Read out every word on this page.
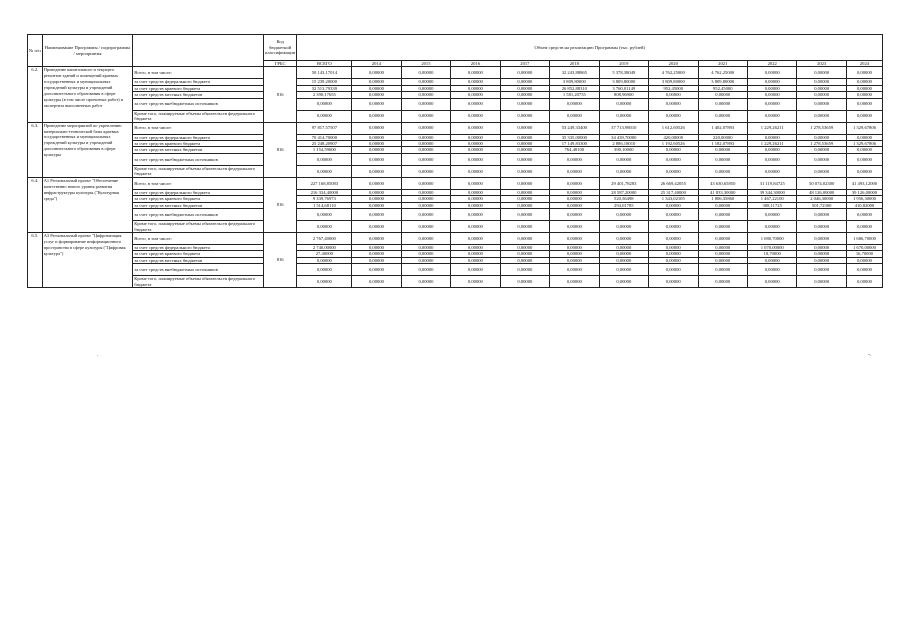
№ п/п	Наименование Программы / подпрограммы / мероприятия		Код бюджетной классификации	Объем средств на реализацию Программы (тыс. рублей)											
			ГРБС	ВСЕГО	2014	2015	2016	2017	2018	2019	2020	2021	2022	2023	2024
6.2.	Проведение капитального и текущего ремонтов зданий и помещений краевых государственных и муниципальных учреждений культуры и учреждений дополнительного образования в сфере культуры (в том числе проектных работ) и экспертиза выполненных работ	Всего, в том числе:	816	50 143,17014	0,00000	0,00000	0,00000	0,00000	32 243,88865	5 378,38049	4 762,25000	4 762,25000	0,00000	0,00000	0,00000
		за счет средств федерального бюджета		15 239,20000	0,00000	0,00000	0,00000	0,00000	3 809,80000	3 809,80000	3 809,80000	3 809,80000	0,00000	0,00000	0,00000
		за счет средств краевого бюджета		32 513,79339	0,00000	0,00000	0,00000	0,00000	26 852,88310	3 760,01149	952,45000	952,45000	0,00000	0,00000	0,00000
		за счет средств местных бюджетов		2 390,17655	0,00000	0,00000	0,00000	0,00000	1 581,20755	808,96900	0,00000	0,00000	0,00000	0,00000	0,00000
		за счет средств внебюджетных источников		0,00000	0,00000	0,00000	0,00000	0,00000	0,00000	0,00000	0,00000	0,00000	0,00000	0,00000	0,00000
		Кроме того, планируемые объемы обязательств федерального бюджета		0,00000	0,00000	0,00000	0,00000	0,00000	0,00000	0,00000	0,00000	0,00000	0,00000	0,00000	0,00000
6.3.	Проведение мероприятий по укреплению материально-технической базы краевых государственных и муниципальных учреждений культуры и учреждений дополнительного образования в сфере культуры	Всего, в том числе:	816	97 817,57507	0,00000	0,00000	0,00000	0,00000	53 249,33400	37 713,98010	1 612,60526	1 402,07893	1 229,26211	1 278,53659	1 329,67806
		за счет средств федерального бюджета		70 414,70000	0,00000	0,00000	0,00000	0,00000	35 335,00000	34 439,70000	420,00000	220,00000	0,00000	0,00000	0,00000
		за счет средств краевого бюджета		25 248,20907	0,00000	0,00000	0,00000	0,00000	17 149,83300	2 886,18010	1 192,60526	1 182,07893	1 229,26211	1 278,53659	1 329,67806
		за счет средств местных бюджетов		1 154,59600	0,00000	0,00000	0,00000	0,00000	764,48100	390,10000	0,00000	0,00000	0,00000	0,00000	0,00000
		за счет средств внебюджетных источников		0,00000	0,00000	0,00000	0,00000	0,00000	0,00000	0,00000	0,00000	0,00000	0,00000	0,00000	0,00000
		Кроме того, планируемые объемы обязательств федерального бюджета		0,00000	0,00000	0,00000	0,00000	0,00000	0,00000	0,00000	0,00000	0,00000	0,00000	0,00000	0,00000
6.4.	А1 Региональный проект "Обеспечение качественно нового уровня развития инфраструктуры культуры ("Культурная среда")	Всего, в том числе:	816	227 168,85083	0,00000	0,00000	0,00000	0,00000	0,00000	29 401,78283	26 669,42055	43 630,65850	31 119,84725	50 074,02300	41 493,12000
		за счет средств федерального бюджета		216 334,40000	0,00000	0,00000	0,00000	0,00000	0,00000	28 587,20000	25 317,40000	41 833,30000	39 344,30000	48 126,00000	39 126,00000
		за счет средств краевого бюджета		9 339,76973	0,00000	0,00000	0,00000	0,00000	0,00000	520,56498	1 343,02105	1 806,35860	1 467,22100	2 046,30000	1 956,30000
		за счет средств местных бюджетов		1 514,68110	0,00000	0,00000	0,00000	0,00000	0,00000	294,01785	0,00000	0,00000	308,11725	501,72300	410,82000
		за счет средств внебюджетных источников		0,00000	0,00000	0,00000	0,00000	0,00000	0,00000	0,00000	0,00000	0,00000	0,00000	0,00000	0,00000
		Кроме того, планируемые объемы обязательств федерального бюджета		0,00000	0,00000	0,00000	0,00000	0,00000	0,00000	0,00000	0,00000	0,00000	0,00000	0,00000	0,00000
6.5.	А3 Региональный проект "Цифровизация услуг и формирование информационного пространства в сфере культуры ("Цифровая культура")	Всего, в том числе:	816	2 767,40000	0,00000	0,00000	0,00000	0,00000	0,00000	0,00000	0,00000	0,00000	1 080,70000	0,00000	1 686,70000
		за счет средств федерального бюджета		2 740,00000	0,00000	0,00000	0,00000	0,00000	0,00000	0,00000	0,00000	0,00000	1 070,00000	0,00000	1 670,00000
		за счет средств краевого бюджета		27,40000	0,00000	0,00000	0,00000	0,00000	0,00000	0,00000	0,00000	0,00000	10,70000	0,00000	16,70000
		за счет средств местных бюджетов		0,00000	0,00000	0,00000	0,00000	0,00000	0,00000	0,00000	0,00000	0,00000	0,00000	0,00000	0,00000
		за счет средств внебюджетных источников		0,00000	0,00000	0,00000	0,00000	0,00000	0,00000	0,00000	0,00000	0,00000	0,00000	0,00000	0,00000
		Кроме того, планируемые объемы обязательств федерального бюджета		0,00000	0,00000	0,00000	0,00000	0,00000	0,00000	0,00000	0,00000	0,00000	0,00000	0,00000	0,00000
.	-.
